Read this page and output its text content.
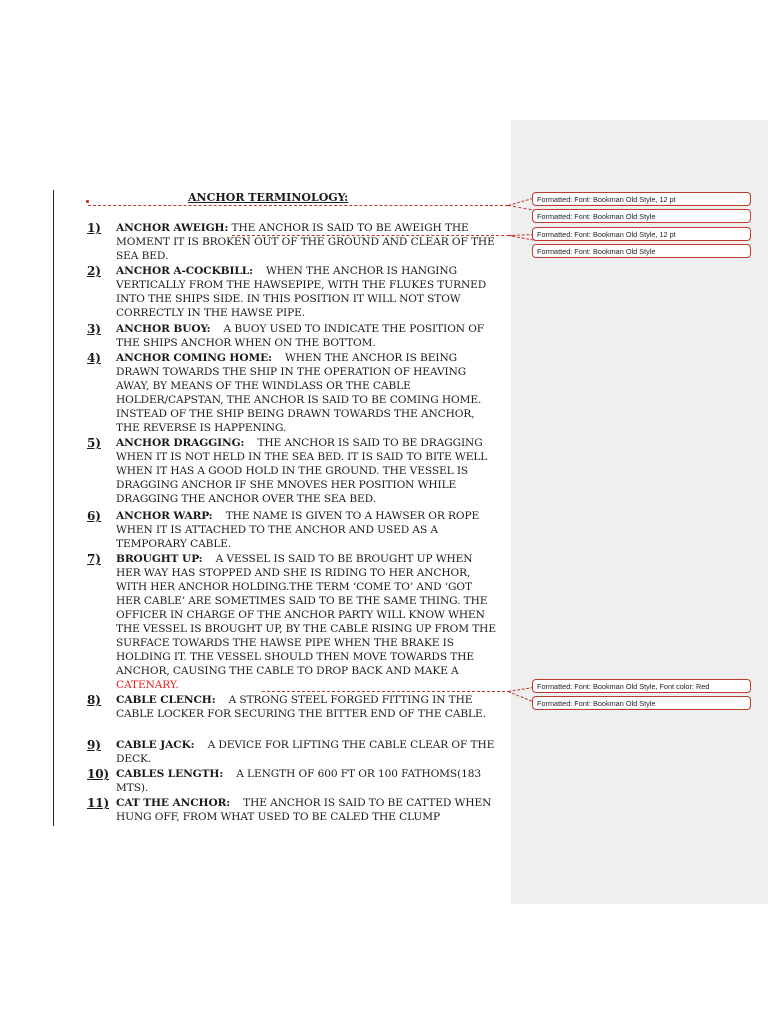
ANCHOR TERMINOLOGY:	Formatted: Font: Bookman Old Style, 12 pt
Formatted: Font: Bookman Old Style
Formatted: Font: Bookman Old Style, 12 pt
Formatted: Font: Bookman Old Style
Formatted: Font: Bookman Old Style, Font color: Red
Formatted: Font: Bookman Old Style
1) ANCHOR AWEIGH: THE ANCHOR IS SAID TO BE AWEIGH THE MOMENT IT IS BROKEN OUT OF THE GROUND AND CLEAR OF THE SEA BED.
2) ANCHOR A-COCKBILL: WHEN THE ANCHOR IS HANGING VERTICALLY FROM THE HAWSEPIPE, WITH THE FLUKES TURNED INTO THE SHIPS SIDE. IN THIS POSITION IT WILL NOT STOW CORRECTLY IN THE HAWSE PIPE.
3) ANCHOR BUOY: A BUOY USED TO INDICATE THE POSITION OF THE SHIPS ANCHOR WHEN ON THE BOTTOM.
4) ANCHOR COMING HOME: WHEN THE ANCHOR IS BEING DRAWN TOWARDS THE SHIP IN THE OPERATION OF HEAVING AWAY, BY MEANS OF THE WINDLASS OR THE CABLE HOLDER/CAPSTAN, THE ANCHOR IS SAID TO BE COMING HOME. INSTEAD OF THE SHIP BEING DRAWN TOWARDS THE ANCHOR, THE REVERSE IS HAPPENING.
5) ANCHOR DRAGGING: THE ANCHOR IS SAID TO BE DRAGGING WHEN IT IS NOT HELD IN THE SEA BED. IT IS SAID TO BITE WELL WHEN IT HAS A GOOD HOLD IN THE GROUND. THE VESSEL IS DRAGGING ANCHOR IF SHE MNOVES HER POSITION WHILE DRAGGING THE ANCHOR OVER THE SEA BED.
6) ANCHOR WARP: THE NAME IS GIVEN TO A HAWSER OR ROPE WHEN IT IS ATTACHED TO THE ANCHOR AND USED AS A TEMPORARY CABLE.
7) BROUGHT UP: A VESSEL IS SAID TO BE BROUGHT UP WHEN HER WAY HAS STOPPED AND SHE IS RIDING TO HER ANCHOR, WITH HER ANCHOR HOLDING.THE TERM ‘COME TO’ AND ‘GOT HER CABLE’ ARE SOMETIMES SAID TO BE THE SAME THING. THE OFFICER IN CHARGE OF THE ANCHOR PARTY WILL KNOW WHEN THE VESSEL IS BROUGHT UP, BY THE CABLE RISING UP FROM THE SURFACE TOWARDS THE HAWSE PIPE WHEN THE BRAKE IS HOLDING IT. THE VESSEL SHOULD THEN MOVE TOWARDS THE ANCHOR, CAUSING THE CABLE TO DROP BACK AND MAKE A CATENARY.
8) CABLE CLENCH: A STRONG STEEL FORGED FITTING IN THE CABLE LOCKER FOR SECURING THE BITTER END OF THE CABLE.
9) CABLE JACK: A DEVICE FOR LIFTING THE CABLE CLEAR OF THE DECK.
10) CABLES LENGTH: A LENGTH OF 600 FT OR 100 FATHOMS(183 MTS).
11) CAT THE ANCHOR: THE ANCHOR IS SAID TO BE CATTED WHEN HUNG OFF, FROM WHAT USED TO BE CALED THE CLUMP
